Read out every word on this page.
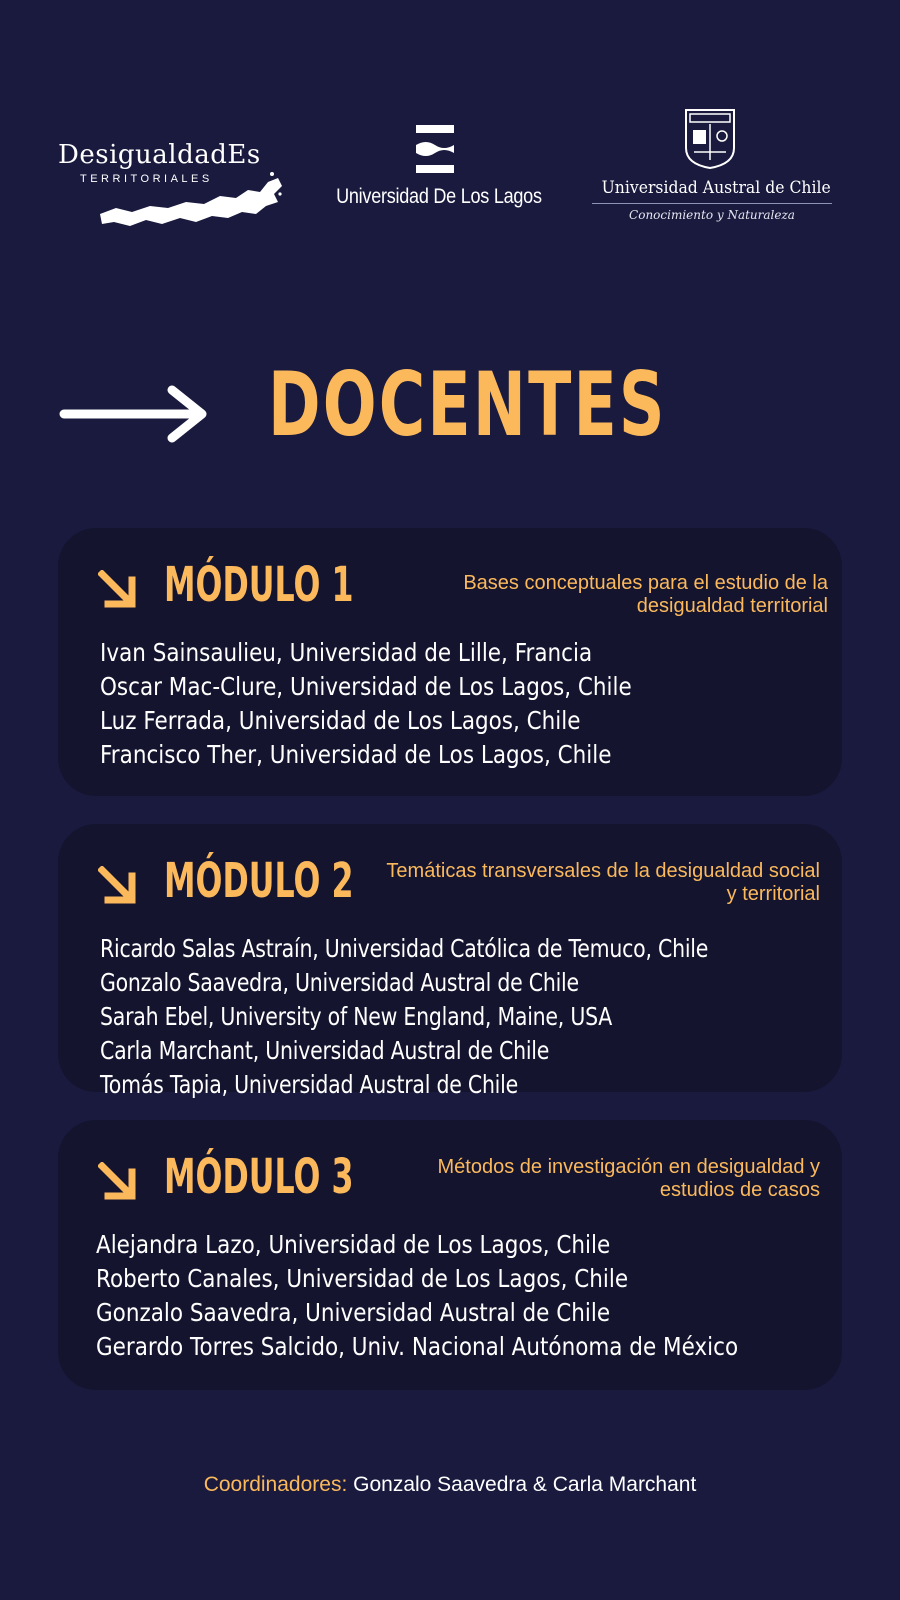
DesigualdadEs
TERRITORIALES
Universidad De Los Lagos	Universidad Austral de Chile
Conocimiento y Naturaleza
DOCENTES
MÓDULO 1	Bases conceptuales para el estudio de la desigualdad territorial
Ivan Sainsaulieu, Universidad de Lille, Francia
Oscar Mac-Clure, Universidad de Los Lagos, Chile
Luz Ferrada, Universidad de Los Lagos, Chile
Francisco Ther, Universidad de Los Lagos, Chile
MÓDULO 2	Temáticas transversales de la desigualdad social y territorial
Ricardo Salas Astraín, Universidad Católica de Temuco, Chile
Gonzalo Saavedra, Universidad Austral de Chile
Sarah Ebel, University of New England, Maine, USA
Carla Marchant, Universidad Austral de Chile
Tomás Tapia, Universidad Austral de Chile
MÓDULO 3	Métodos de investigación en desigualdad y estudios de casos
Alejandra Lazo, Universidad de Los Lagos, Chile
Roberto Canales, Universidad de Los Lagos, Chile
Gonzalo Saavedra, Universidad Austral de Chile
Gerardo Torres Salcido, Univ. Nacional Autónoma de México
Coordinadores: Gonzalo Saavedra & Carla Marchant
